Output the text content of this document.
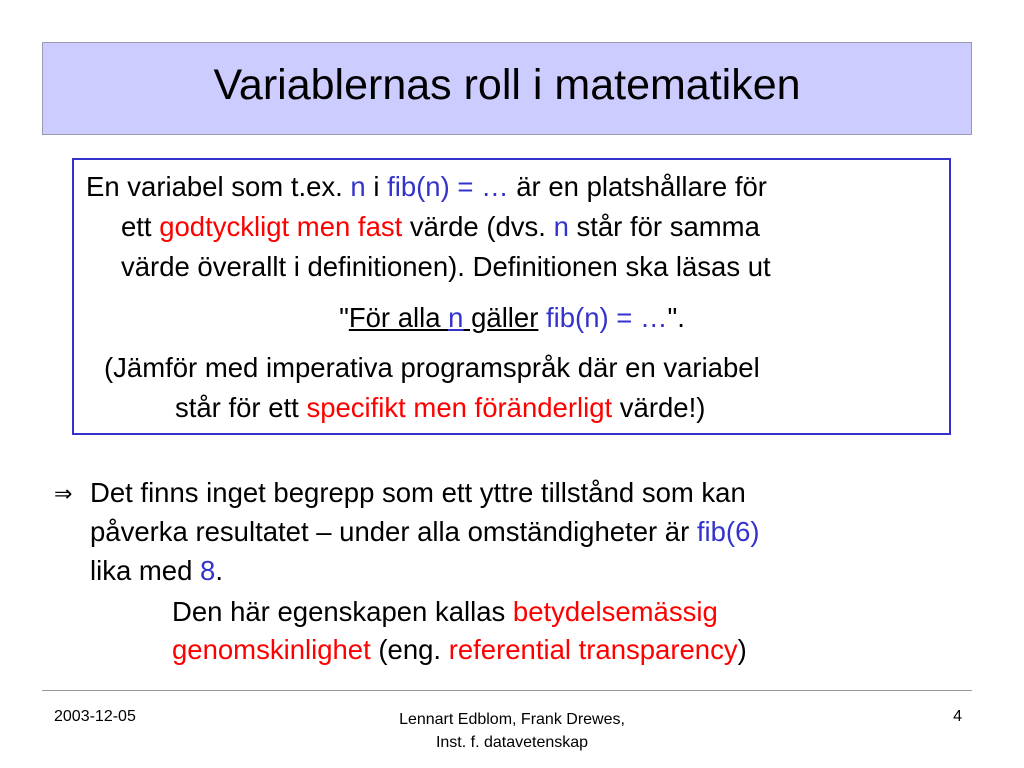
Variablernas roll i matematiken
En variabel som t.ex. n i fib(n) = … är en platshållare för
ett godtyckligt men fast värde (dvs. n står för samma
värde överallt i definitionen). Definitionen ska läsas ut
"För alla n gäller fib(n) = …".
(Jämför med imperativa programspråk där en variabel
står för ett specifikt men föränderligt värde!)
⇒ Det finns inget begrepp som ett yttre tillstånd som kan
påverka resultatet – under alla omständigheter är fib(6)
lika med 8.
Den här egenskapen kallas betydelsemässig
genomskinlighet (eng. referential transparency)
2003-12-05	Lennart Edblom, Frank Drewes,
Inst. f. datavetenskap
4
